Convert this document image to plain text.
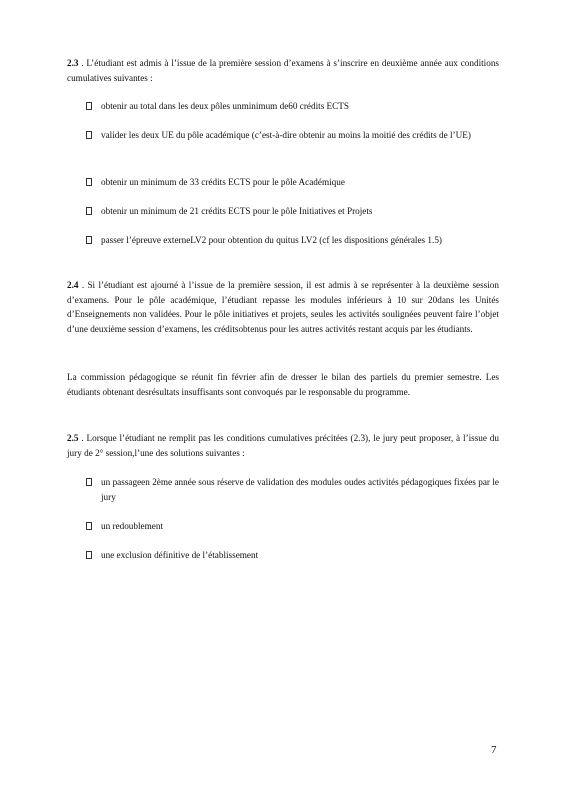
2.3 . L’étudiant est admis à l’issue de la première session d’examens à s’inscrire en deuxième année aux conditions cumulatives suivantes :
obtenir au total dans les deux pôles unminimum de60 crédits ECTS
valider les deux UE du pôle académique (c’est-à-dire obtenir au moins la moitié des crédits de l’UE)
obtenir un minimum de 33 crédits ECTS pour le pôle Académique
obtenir un minimum de 21 crédits ECTS pour le pôle Initiatives et Projets
passer l’épreuve externeLV2 pour obtention du quitus LV2 (cf les dispositions générales 1.5)
2.4 . Si l’étudiant est ajourné à l’issue de la première session, il est admis à se représenter à la deuxième session d’examens. Pour le pôle académique, l’étudiant repasse les modules inférieurs à 10 sur 20dans les Unités d’Enseignements non validées. Pour le pôle initiatives et projets, seules les activités soulignées peuvent faire l’objet d’une deuxième session d’examens, les créditsobtenus pour les autres activités restant acquis par les étudiants.
La commission pédagogique se réunit fin février afin de dresser le bilan des partiels du premier semestre. Les étudiants obtenant desrésultats insuffisants sont convoqués par le responsable du programme.
2.5 . Lorsque l’étudiant ne remplit pas les conditions cumulatives précitées (2.3), le jury peut proposer, à l’issue du jury de 2° session,l’une des solutions suivantes :
un passageen 2ème année sous réserve de validation des modules oudes activités pédagogiques fixées par le jury
un redoublement
une exclusion définitive de l’établissement
7
